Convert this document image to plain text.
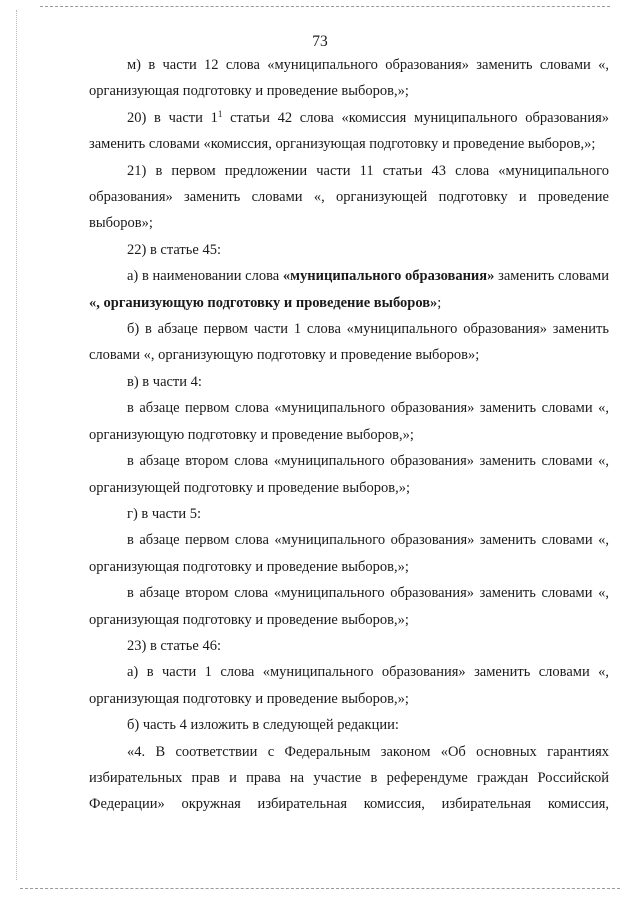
73

м) в части 12 слова «муниципального образования» заменить словами «, организующая подготовку и проведение выборов,»;

20) в части $1^1$ статьи 42 слова «комиссия муниципального образования» заменить словами «комиссия, организующая подготовку и проведение выборов,»;

21) в первом предложении части 11 статьи 43 слова «муниципального образования» заменить словами «, организующей подготовку и проведение выборов»;

22) в статье 45:

а) в наименовании слова «муниципального образования» заменить словами «, организующую подготовку и проведение выборов»;

б) в абзаце первом части 1 слова «муниципального образования» заменить словами «, организующую подготовку и проведение выборов»;

в) в части 4:

в абзаце первом слова «муниципального образования» заменить словами «, организующую подготовку и проведение выборов,»;

в абзаце втором слова «муниципального образования» заменить словами «, организующей подготовку и проведение выборов,»;

г) в части 5:

в абзаце первом слова «муниципального образования» заменить словами «, организующая подготовку и проведение выборов,»;

в абзаце втором слова «муниципального образования» заменить словами «, организующая подготовку и проведение выборов,»;

23) в статье 46:

а) в части 1 слова «муниципального образования» заменить словами «, организующая подготовку и проведение выборов,»;

б) часть 4 изложить в следующей редакции:

«4. В соответствии с Федеральным законом «Об основных гарантиях избирательных прав и права на участие в референдуме граждан Российской Федерации» окружная избирательная комиссия, избирательная комиссия,
